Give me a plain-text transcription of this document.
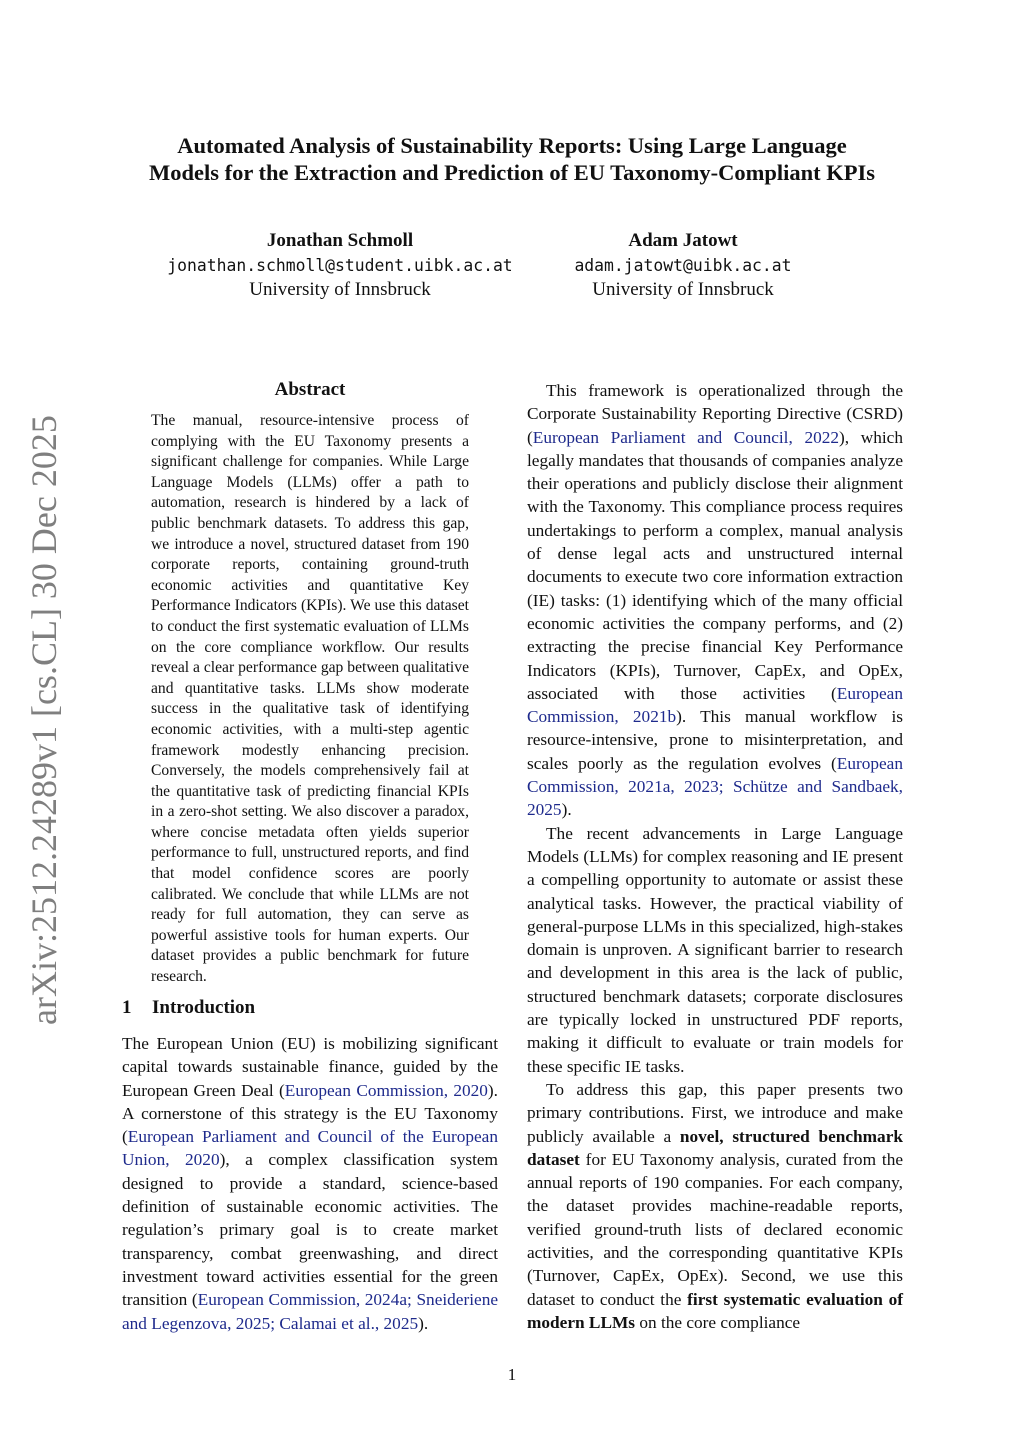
Automated Analysis of Sustainability Reports: Using Large Language
Models for the Extraction and Prediction of EU Taxonomy-Compliant KPIs
Jonathan Schmoll
jonathan.schmoll@student.uibk.ac.at
University of Innsbruck
Adam Jatowt
adam.jatowt@uibk.ac.at
University of Innsbruck
arXiv:2512.24289v1 [cs.CL] 30 Dec 2025
Abstract

The manual, resource-intensive process of complying with the EU Taxonomy presents a significant challenge for companies. While Large Language Models (LLMs) offer a path to automation, research is hindered by a lack of public benchmark datasets. To address this gap, we introduce a novel, structured dataset from 190 corporate reports, containing ground-truth economic activities and quantitative Key Performance Indicators (KPIs). We use this dataset to conduct the first systematic evaluation of LLMs on the core compliance workflow. Our results reveal a clear performance gap between qualitative and quantitative tasks. LLMs show moderate success in the qualitative task of identifying economic activities, with a multi-step agentic framework modestly enhancing precision. Conversely, the models comprehensively fail at the quantitative task of predicting financial KPIs in a zero-shot setting. We also discover a paradox, where concise metadata often yields superior performance to full, unstructured reports, and find that model confidence scores are poorly calibrated. We conclude that while LLMs are not ready for full automation, they can serve as powerful assistive tools for human experts. Our dataset provides a public benchmark for future research.

1 Introduction

The European Union (EU) is mobilizing significant capital towards sustainable finance, guided by the European Green Deal (European Commission, 2020). A cornerstone of this strategy is the EU Taxonomy (European Parliament and Council of the European Union, 2020), a complex classification system designed to provide a standard, science-based definition of sustainable economic activities. The regulation’s primary goal is to create market transparency, combat greenwashing, and direct investment toward activities essential for the green transition (European Commission, 2024a; Sneideriene and Legenzova, 2025; Calamai et al., 2025).

This framework is operationalized through the Corporate Sustainability Reporting Directive (CSRD) (European Parliament and Council, 2022), which legally mandates that thousands of companies analyze their operations and publicly disclose their alignment with the Taxonomy. This compliance process requires undertakings to perform a complex, manual analysis of dense legal acts and unstructured internal documents to execute two core information extraction (IE) tasks: (1) identifying which of the many official economic activities the company performs, and (2) extracting the precise financial Key Performance Indicators (KPIs), Turnover, CapEx, and OpEx, associated with those activities (European Commission, 2021b). This manual workflow is resource-intensive, prone to misinterpretation, and scales poorly as the regulation evolves (European Commission, 2021a, 2023; Schütze and Sandbaek, 2025).

The recent advancements in Large Language Models (LLMs) for complex reasoning and IE present a compelling opportunity to automate or assist these analytical tasks. However, the practical viability of general-purpose LLMs in this specialized, high-stakes domain is unproven. A significant barrier to research and development in this area is the lack of public, structured benchmark datasets; corporate disclosures are typically locked in unstructured PDF reports, making it difficult to evaluate or train models for these specific IE tasks.

To address this gap, this paper presents two primary contributions. First, we introduce and make publicly available a novel, structured benchmark dataset for EU Taxonomy analysis, curated from the annual reports of 190 companies. For each company, the dataset provides machine-readable reports, verified ground-truth lists of declared economic activities, and the corresponding quantitative KPIs (Turnover, CapEx, OpEx). Second, we use this dataset to conduct the first systematic evaluation of modern LLMs on the core compliance

1
